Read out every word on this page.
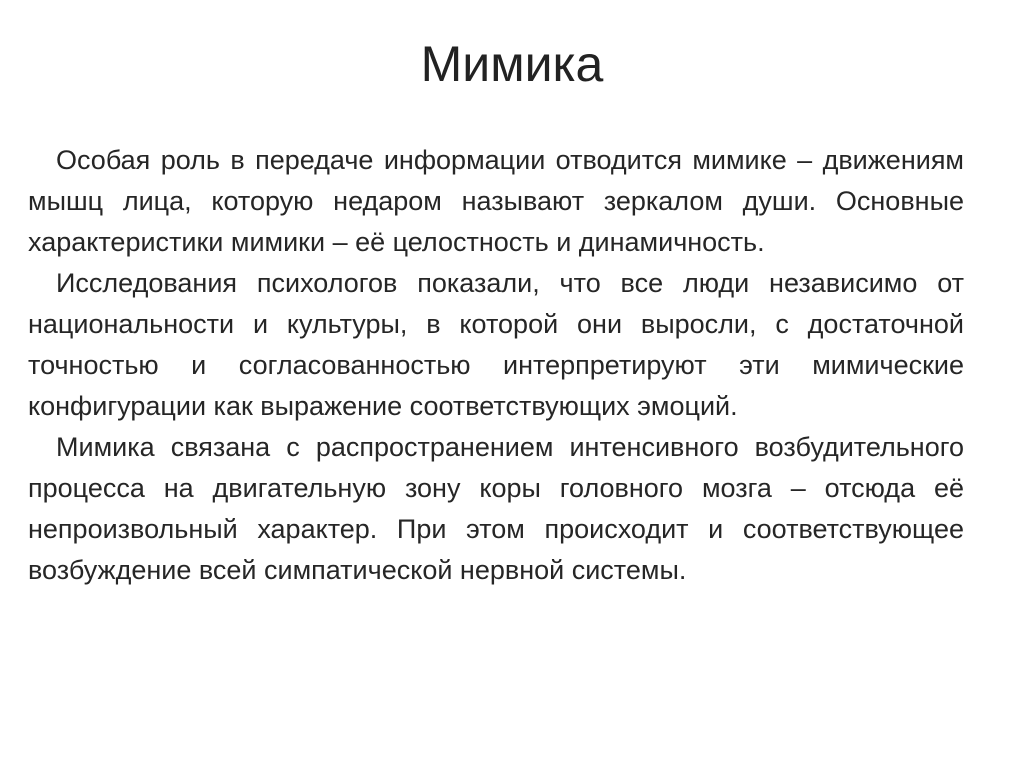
Мимика

Особая роль в передаче информации отводится мимике – движениям мышц лица, которую недаром называют зеркалом души. Основные характеристики мимики – её целостность и динамичность.

Исследования психологов показали, что все люди независимо от национальности и культуры, в которой они выросли, с достаточной точностью и согласованностью интерпретируют эти мимические конфигурации как выражение соответствующих эмоций.

Мимика связана с распространением интенсивного возбудительного процесса на двигательную зону коры головного мозга – отсюда её непроизвольный характер. При этом происходит и соответствующее возбуждение всей симпатической нервной системы.
